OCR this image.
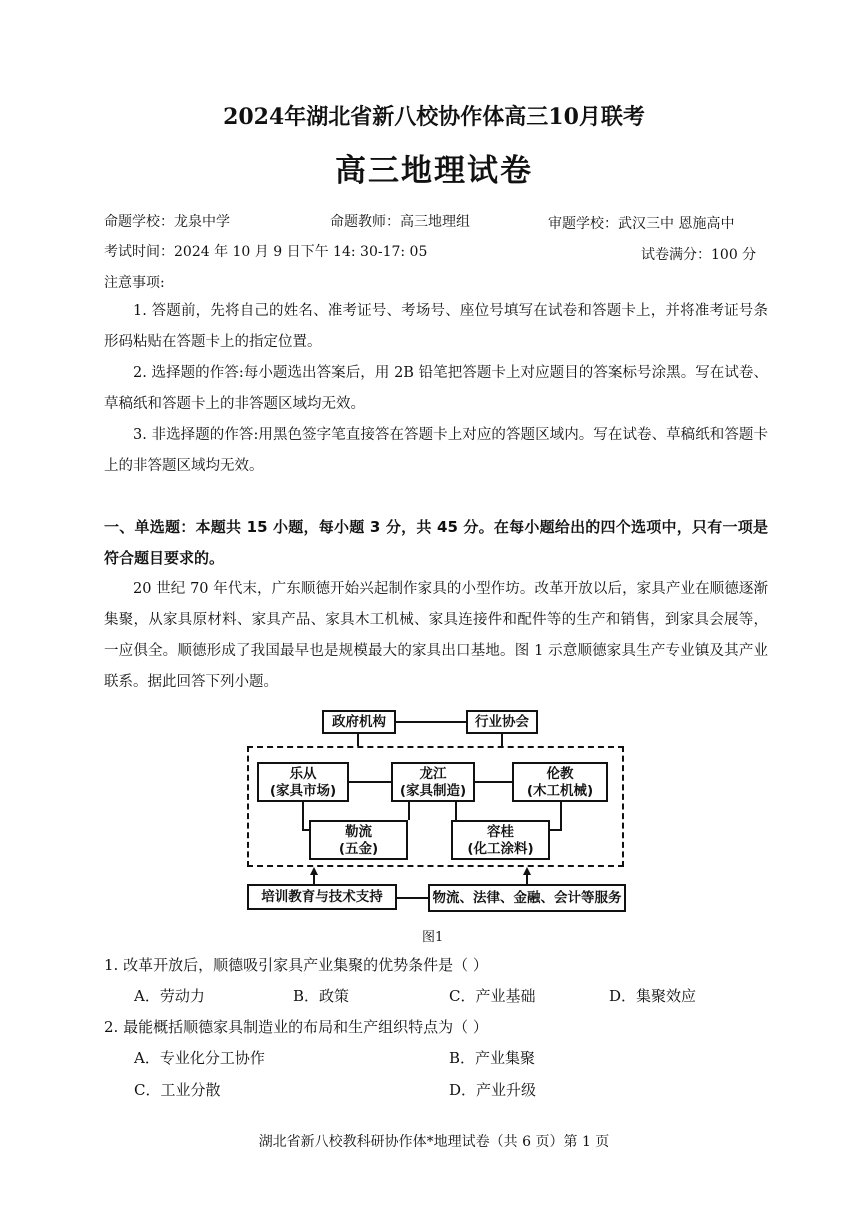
2024年湖北省新八校协作体高三10月联考
高三地理试卷
命题学校：龙泉中学	命题教师：高三地理组	审题学校：武汉三中 恩施高中
考试时间：2024 年 10 月 9 日下午 14: 30-17: 05	试卷满分：100 分
注意事项:
1. 答题前，先将自己的姓名、准考证号、考场号、座位号填写在试卷和答题卡上，并将准考证号条形码粘贴在答题卡上的指定位置。
2. 选择题的作答:每小题选出答案后，用 2B 铅笔把答题卡上对应题目的答案标号涂黑。写在试卷、草稿纸和答题卡上的非答题区域均无效。
3. 非选择题的作答:用黑色签字笔直接答在答题卡上对应的答题区域内。写在试卷、草稿纸和答题卡上的非答题区域均无效。
一、单选题：本题共 15 小题，每小题 3 分，共 45 分。在每小题给出的四个选项中，只有一项是符合题目要求的。
20 世纪 70 年代末，广东顺德开始兴起制作家具的小型作坊。改革开放以后，家具产业在顺德逐渐集聚，从家具原材料、家具产品、家具木工机械、家具连接件和配件等的生产和销售，到家具会展等，一应俱全。顺德形成了我国最早也是规模最大的家具出口基地。图 1 示意顺德家具生产专业镇及其产业联系。据此回答下列小题。
政府机构	行业协会
乐从
(家具市场)
龙江
(家具制造)
伦教
(木工机械)
勒流
(五金)
容桂
(化工涂料)
培训教育与技术支持	物流、法律、金融、会计等服务
图1
1. 改革开放后，顺德吸引家具产业集聚的优势条件是（ ）
A．劳动力	B．政策	C．产业基础	D．集聚效应
2. 最能概括顺德家具制造业的布局和生产组织特点为（ ）
A．专业化分工协作	B．产业集聚
C．工业分散	D．产业升级
湖北省新八校教科研协作体*地理试卷（共 6 页）第 1 页
